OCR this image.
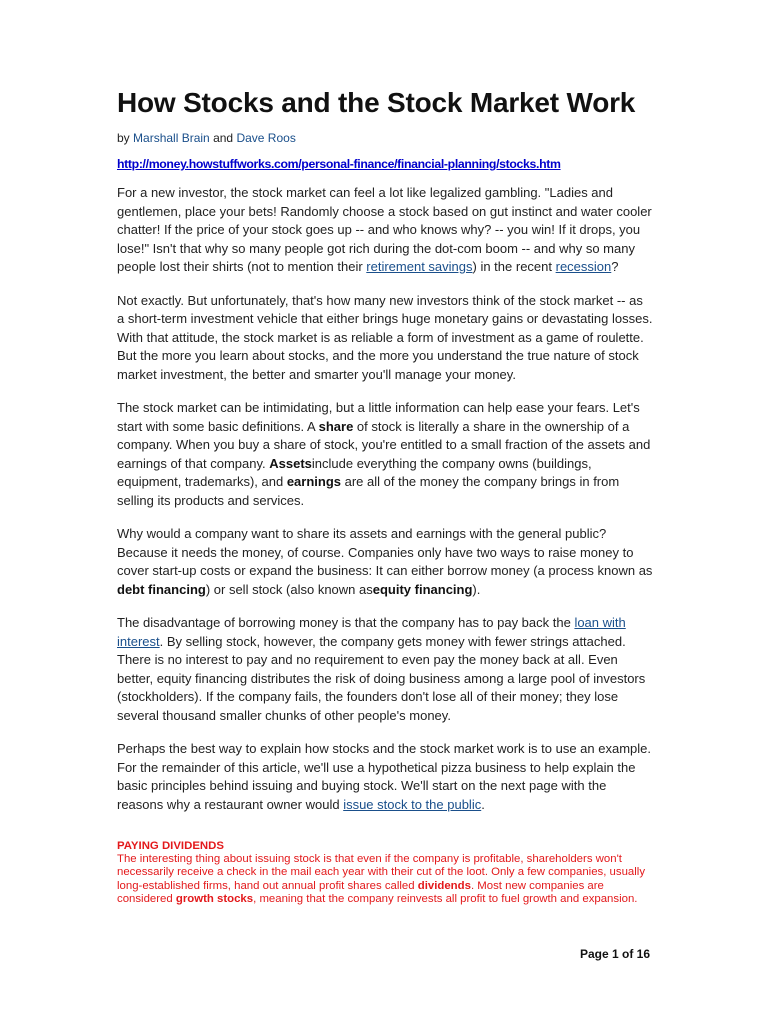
How Stocks and the Stock Market Work
by Marshall Brain and Dave Roos
http://money.howstuffworks.com/personal-finance/financial-planning/stocks.htm

For a new investor, the stock market can feel a lot like legalized gambling. "Ladies and gentlemen, place your bets! Randomly choose a stock based on gut instinct and water cooler chatter! If the price of your stock goes up -- and who knows why? -- you win! If it drops, you lose!" Isn't that why so many people got rich during the dot-com boom -- and why so many people lost their shirts (not to mention their retirement savings) in the recent recession?

Not exactly. But unfortunately, that's how many new investors think of the stock market -- as a short-term investment vehicle that either brings huge monetary gains or devastating losses. With that attitude, the stock market is as reliable a form of investment as a game of roulette. But the more you learn about stocks, and the more you understand the true nature of stock market investment, the better and smarter you'll manage your money.

The stock market can be intimidating, but a little information can help ease your fears. Let's start with some basic definitions. A share of stock is literally a share in the ownership of a company. When you buy a share of stock, you're entitled to a small fraction of the assets and earnings of that company. Assetsinclude everything the company owns (buildings, equipment, trademarks), and earnings are all of the money the company brings in from selling its products and services.

Why would a company want to share its assets and earnings with the general public? Because it needs the money, of course. Companies only have two ways to raise money to cover start-up costs or expand the business: It can either borrow money (a process known as debt financing) or sell stock (also known asequity financing).

The disadvantage of borrowing money is that the company has to pay back the loan with interest. By selling stock, however, the company gets money with fewer strings attached. There is no interest to pay and no requirement to even pay the money back at all. Even better, equity financing distributes the risk of doing business among a large pool of investors (stockholders). If the company fails, the founders don't lose all of their money; they lose several thousand smaller chunks of other people's money.

Perhaps the best way to explain how stocks and the stock market work is to use an example. For the remainder of this article, we'll use a hypothetical pizza business to help explain the basic principles behind issuing and buying stock. We'll start on the next page with the reasons why a restaurant owner would issue stock to the public.

PAYING DIVIDENDS
The interesting thing about issuing stock is that even if the company is profitable, shareholders won't necessarily receive a check in the mail each year with their cut of the loot. Only a few companies, usually long-established firms, hand out annual profit shares called dividends. Most new companies are considered growth stocks, meaning that the company reinvests all profit to fuel growth and expansion.
Page 1 of 16
